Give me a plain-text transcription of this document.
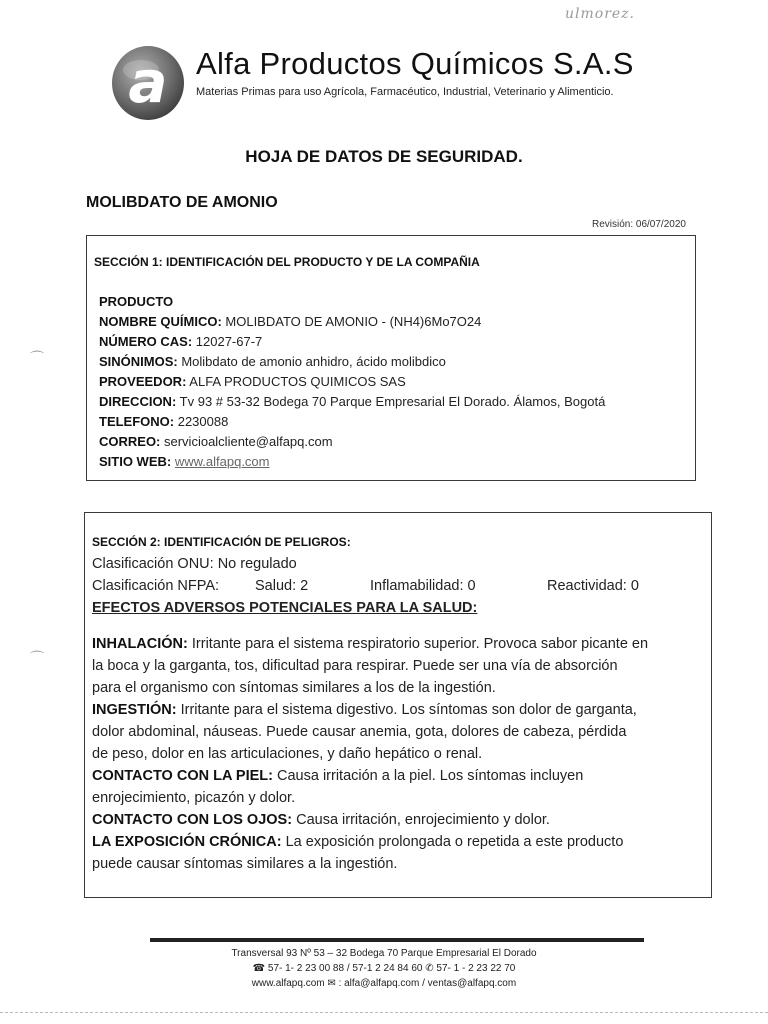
ulmorez.
a Alfa Productos Químicos S.A.S
Materias Primas para uso Agrícola, Farmacéutico, Industrial, Veterinario y Alimenticio.
HOJA DE DATOS DE SEGURIDAD.
MOLIBDATO DE AMONIO
Revisión: 06/07/2020
SECCIÓN 1: IDENTIFICACIÓN DEL PRODUCTO Y DE LA COMPAÑIA
PRODUCTO
NOMBRE QUÍMICO: MOLIBDATO DE AMONIO - (NH4)6Mo7O24
NÚMERO CAS: 12027-67-7
SINÓNIMOS: Molibdato de amonio anhidro, ácido molibdico
PROVEEDOR: ALFA PRODUCTOS QUIMICOS SAS
DIRECCION: Tv 93 # 53-32 Bodega 70 Parque Empresarial El Dorado. Álamos, Bogotá
TELEFONO: 2230088
CORREO: servicioalcliente@alfapq.com
SITIO WEB: www.alfapq.com
SECCIÓN 2: IDENTIFICACIÓN DE PELIGROS:
Clasificación ONU: No regulado
Clasificación NFPA: Salud: 2	Inflamabilidad: 0	Reactividad: 0
EFECTOS ADVERSOS POTENCIALES PARA LA SALUD:
INHALACIÓN: Irritante para el sistema respiratorio superior. Provoca sabor picante en
la boca y la garganta, tos, dificultad para respirar. Puede ser una vía de absorción
para el organismo con síntomas similares a los de la ingestión.
INGESTIÓN: Irritante para el sistema digestivo. Los síntomas son dolor de garganta,
dolor abdominal, náuseas. Puede causar anemia, gota, dolores de cabeza, pérdida
de peso, dolor en las articulaciones, y daño hepático o renal.
CONTACTO CON LA PIEL: Causa irritación a la piel. Los síntomas incluyen
enrojecimiento, picazón y dolor.
CONTACTO CON LOS OJOS: Causa irritación, enrojecimiento y dolor.
LA EXPOSICIÓN CRÓNICA: La exposición prolongada o repetida a este producto
puede causar síntomas similares a la ingestión.
⌒
⌒
Transversal 93 Nº 53 – 32 Bodega 70 Parque Empresarial El Dorado
☎ 57- 1- 2 23 00 88 / 57-1 2 24 84 60 ✆ 57- 1 - 2 23 22 70
www.alfapq.com ✉ : alfa@alfapq.com / ventas@alfapq.com
